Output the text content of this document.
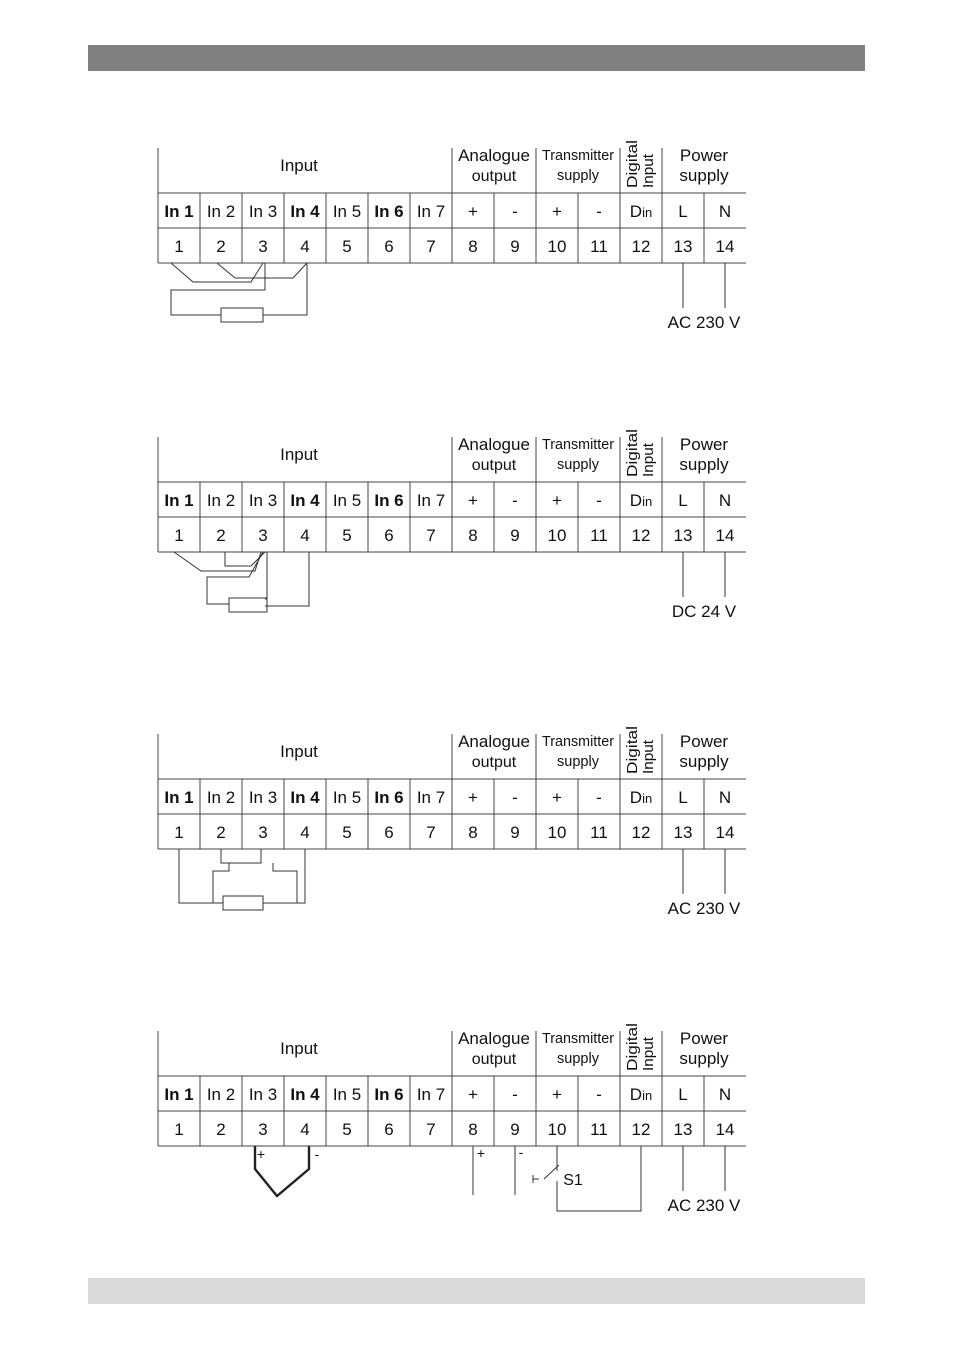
Input
Analogue
output
Transmitter
supply Digital Input Power
supply
In 1 In 2 In 3 In 4 In 5 In 6 In 7 + - + - Din L N
1 2 3 4 5 6 7 8 9 10 11 12 13 14
AC 230 V
Input
Analogue
output
Transmitter
supply Digital Input Power
supply
In 1 In 2 In 3 In 4 In 5 In 6 In 7 + - + - Din L N
1 2 3 4 5 6 7 8 9 10 11 12 13 14
DC 24 V
Input
Analogue
output
Transmitter
supply Digital Input Power
supply
In 1 In 2 In 3 In 4 In 5 In 6 In 7 + - + - Din L N
1 2 3 4 5 6 7 8 9 10 11 12 13 14
AC 230 V
Input
Analogue
output
Transmitter
supply Digital Input Power
supply
In 1 In 2 In 3 In 4 In 5 In 6 In 7 + - + - Din L N
1 2 3 4 5 6 7 8 9 10 11 12 13 14
+	-	+ -
S1
AC 230 V
